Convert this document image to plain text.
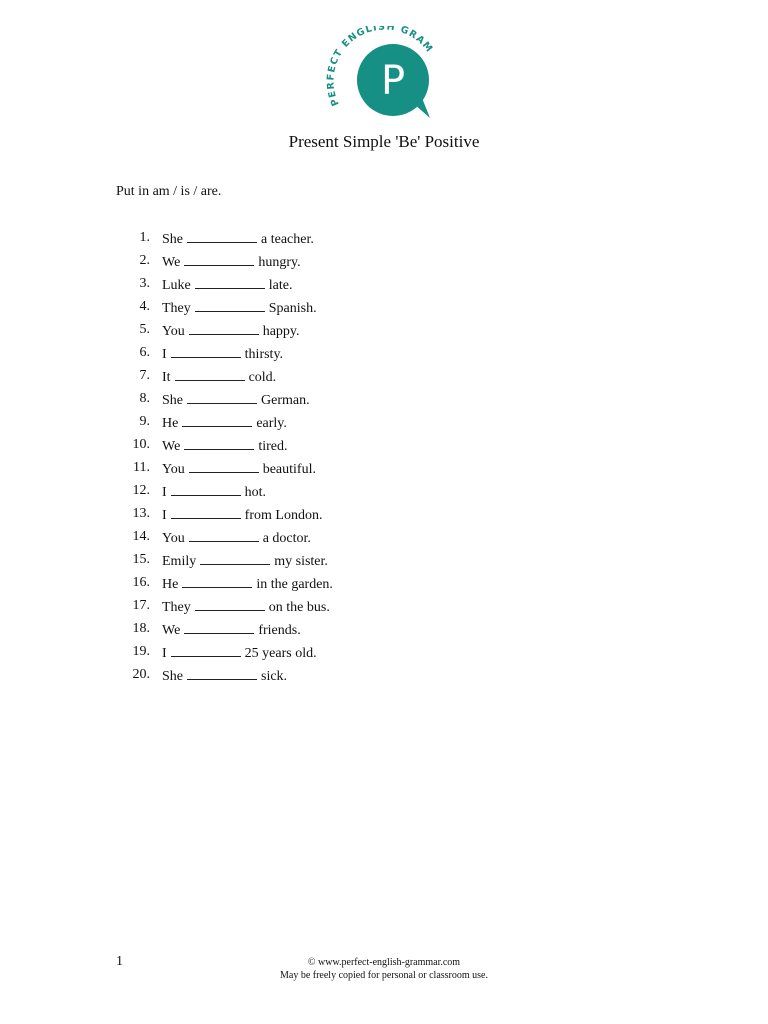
PERFECT ENGLISH GRAM
P
Present Simple 'Be' Positive
Put in am / is / are.
1. She	a teacher.
2. We	hungry.
3. Luke	late.
4. They	Spanish.
5. You	happy.
6. I	thirsty.
7. It	cold.
8. She	German.
9. He	early.
10. We	tired.
11. You	beautiful.
12. I	hot.
13. I	from London.
14. You	a doctor.
15. Emily	my sister.
16. He	in the garden.
17. They	on the bus.
18. We	friends.
19. I	25 years old.
20. She	sick.
1	© www.perfect-english-grammar.com
May be freely copied for personal or classroom use.
